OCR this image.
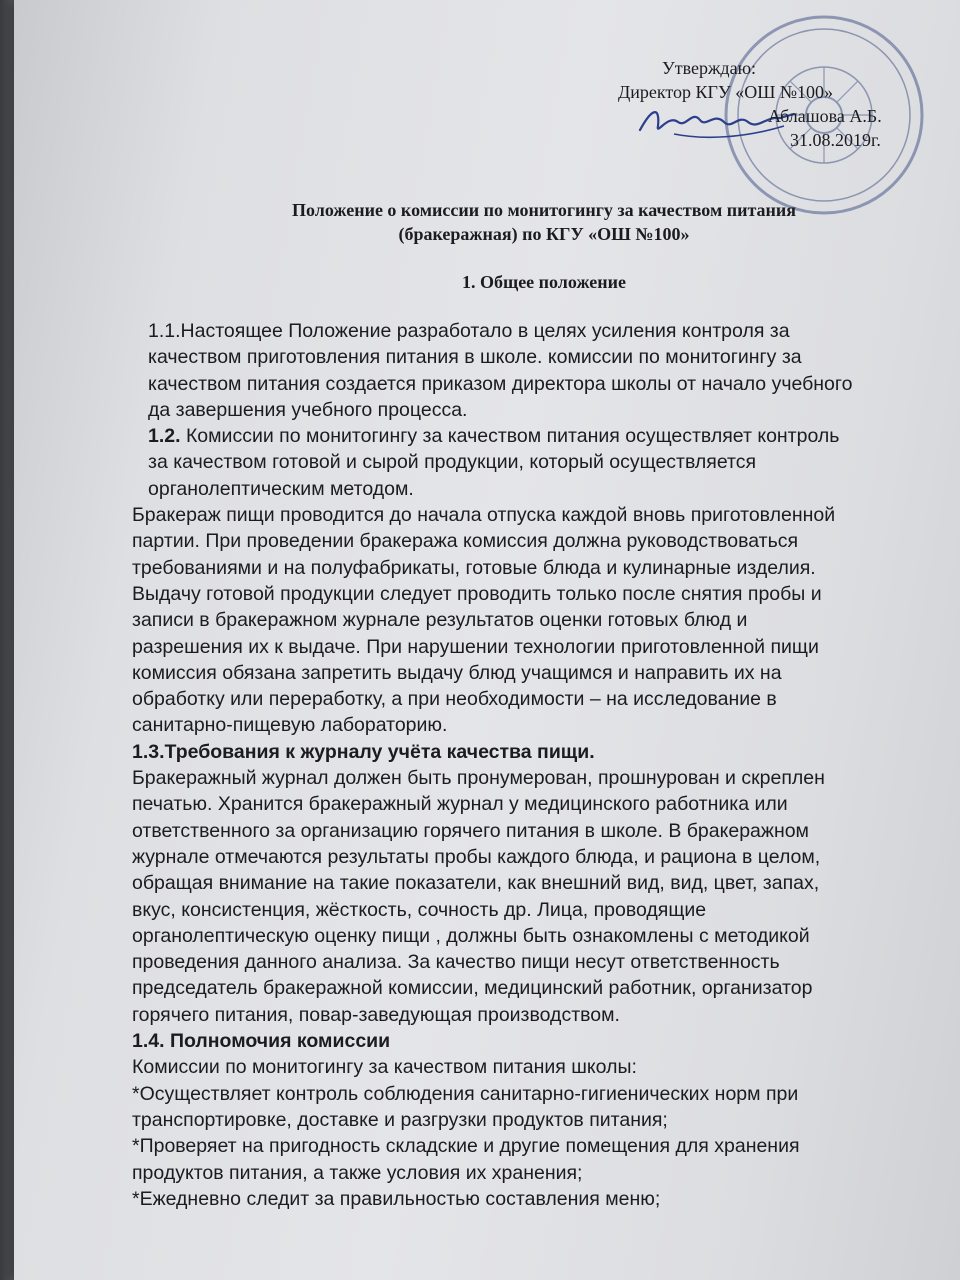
Утверждаю:
Директор КГУ «ОШ №100»
Аблашова А.Б.
31.08.2019г.
Положение о комиссии по монитогингу за качеством питания
(бракеражная) по КГУ «ОШ №100»
1. Общее положение

1.1.Настоящее Положение разработало в целях усиления контроля за

качеством приготовления питания в школе. комиссии по монитогингу за

качеством питания создается приказом директора школы от начало учебного

да завершения учебного процесса.

1.2. Комиссии по монитогингу за качеством питания осуществляет контроль

за качеством готовой и сырой продукции, который осуществляется

органолептическим методом.

Бракераж пищи проводится до начала отпуска каждой вновь приготовленной

партии. При проведении бракеража комиссия должна руководствоваться

требованиями и на полуфабрикаты, готовые блюда и кулинарные изделия.

Выдачу готовой продукции следует проводить только после снятия пробы и

записи в бракеражном журнале результатов оценки готовых блюд и

разрешения их к выдаче. При нарушении технологии приготовленной пищи

комиссия обязана запретить выдачу блюд учащимся и направить их на

обработку или переработку, а при необходимости – на исследование в

санитарно-пищевую лабораторию.

1.3.Требования к журналу учёта качества пищи.

Бракеражный журнал должен быть пронумерован, прошнурован и скреплен

печатью. Хранится бракеражный журнал у медицинского работника или

ответственного за организацию горячего питания в школе. В бракеражном

журнале отмечаются результаты пробы каждого блюда, и рациона в целом,

обращая внимание на такие показатели, как внешний вид, вид, цвет, запах,

вкус, консистенция, жёсткость, сочность др. Лица, проводящие

органолептическую оценку пищи , должны быть ознакомлены с методикой

проведения данного анализа. За качество пищи несут ответственность

председатель бракеражной комиссии, медицинский работник, организатор

горячего питания, повар-заведующая производством.

1.4. Полномочия комиссии

Комиссии по монитогингу за качеством питания школы:

*Осуществляет контроль соблюдения санитарно-гигиенических норм при

транспортировке, доставке и разгрузки продуктов питания;

*Проверяет на пригодность складские и другие помещения для хранения

продуктов питания, а также условия их хранения;

*Ежедневно следит за правильностью составления меню;
